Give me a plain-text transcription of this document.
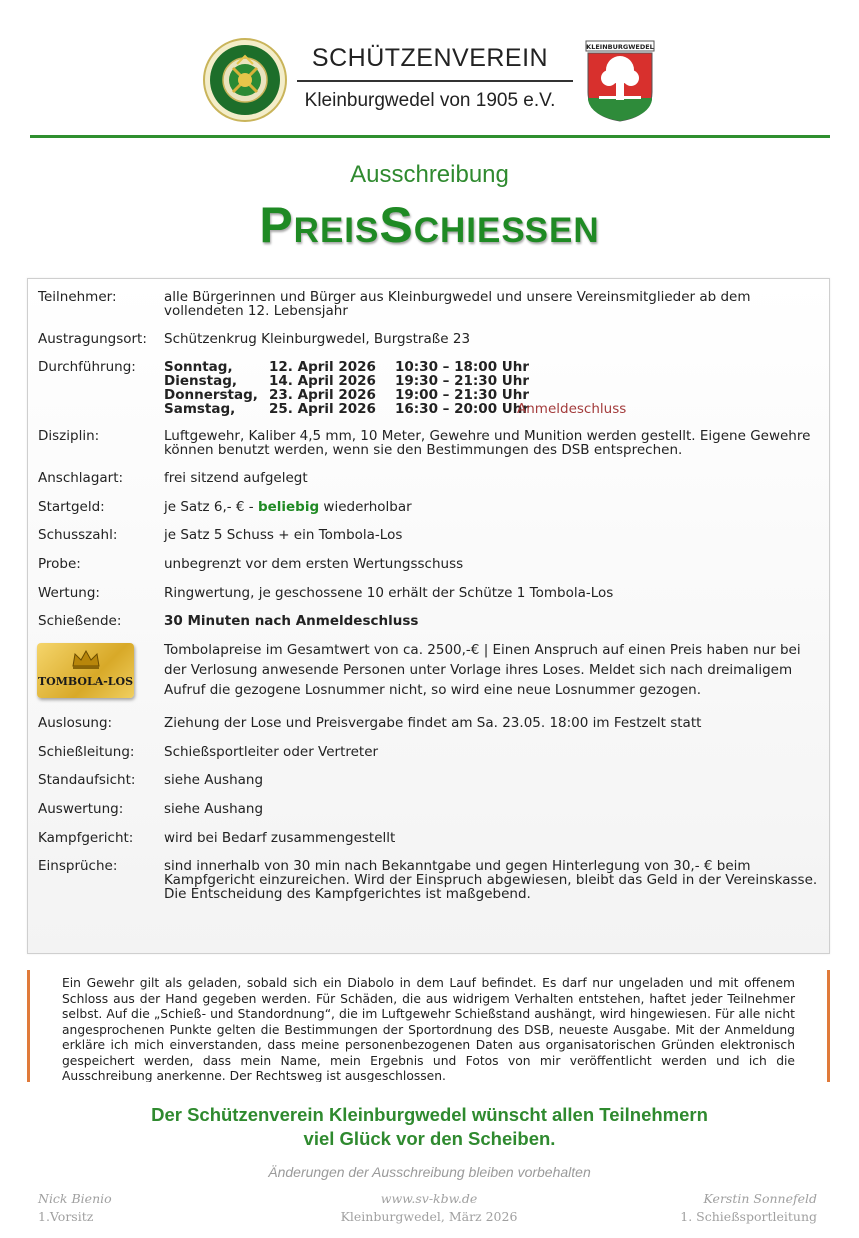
SCHÜTZENVEREIN
Kleinburgwedel von 1905 e.V.
KLEINBURGWEDEL
Ausschreibung
PreisSchießen
Teilnehmer:	alle Bürgerinnen und Bürger aus Kleinburgwedel und unsere Vereinsmitglieder ab dem vollendeten 12. Lebensjahr
Austragungsort:	Schützenkrug Kleinburgwedel, Burgstraße 23
Durchführung:	Sonntag,	12. April 2026 10:30 – 18:00 Uhr
Dienstag, 14. April 2026 19:30 – 21:30 Uhr
Donnerstag, 23. April 2026 19:00 – 21:30 Uhr
Samstag, 25. April 2026 16:30 – 20:00 Uhr
Anmeldeschluss
Disziplin:	Luftgewehr, Kaliber 4,5 mm, 10 Meter, Gewehre und Munition werden gestellt. Eigene Gewehre können benutzt werden, wenn sie den Bestimmungen des DSB entsprechen.
Anschlagart:	frei sitzend aufgelegt
Startgeld:	je Satz 6,- € - beliebig wiederholbar
Schusszahl:	je Satz 5 Schuss + ein Tombola-Los
Probe:	unbegrenzt vor dem ersten Wertungsschuss
Wertung:	Ringwertung, je geschossene 10 erhält der Schütze 1 Tombola-Los
Schießende:	30 Minuten nach Anmeldeschluss
TOMBOLA-LOS
Tombolapreise im Gesamtwert von ca. 2500,-€ | Einen Anspruch auf einen Preis haben nur bei der Verlosung anwesende Personen unter Vorlage ihres Loses. Meldet sich nach dreimaligem Aufruf die gezogene Losnummer nicht, so wird eine neue Losnummer gezogen.
Auslosung:	Ziehung der Lose und Preisvergabe findet am Sa. 23.05. 18:00 im Festzelt statt
Schießleitung:	Schießsportleiter oder Vertreter
Standaufsicht:	siehe Aushang
Auswertung:	siehe Aushang
Kampfgericht:	wird bei Bedarf zusammengestellt
Einsprüche:	sind innerhalb von 30 min nach Bekanntgabe und gegen Hinterlegung von 30,- € beim Kampfgericht einzureichen. Wird der Einspruch abgewiesen, bleibt das Geld in der Vereinskasse. Die Entscheidung des Kampfgerichtes ist maßgebend.

Ein Gewehr gilt als geladen, sobald sich ein Diabolo in dem Lauf befindet. Es darf nur ungeladen und mit offenem Schloss aus der Hand gegeben werden. Für Schäden, die aus widrigem Verhalten entstehen, haftet jeder Teilnehmer selbst. Auf die „Schieß- und Standordnung“, die im Luftgewehr Schießstand aushängt, wird hingewiesen. Für alle nicht angesprochenen Punkte gelten die Bestimmungen der Sportordnung des DSB, neueste Ausgabe. Mit der Anmeldung erkläre ich mich einverstanden, dass meine personenbezogenen Daten aus organisatorischen Gründen elektronisch gespeichert werden, dass mein Name, mein Ergebnis und Fotos von mir veröffentlicht werden und ich die Ausschreibung anerkenne. Der Rechtsweg ist ausgeschlossen.

Der Schützenverein Kleinburgwedel wünscht allen Teilnehmern
viel Glück vor den Scheiben.
Änderungen der Ausschreibung bleiben vorbehalten
Nick Bienio
1.Vorsitz
www.sv-kbw.de
Kleinburgwedel, März 2026
Kerstin Sonnefeld
1. Schießsportleitung
